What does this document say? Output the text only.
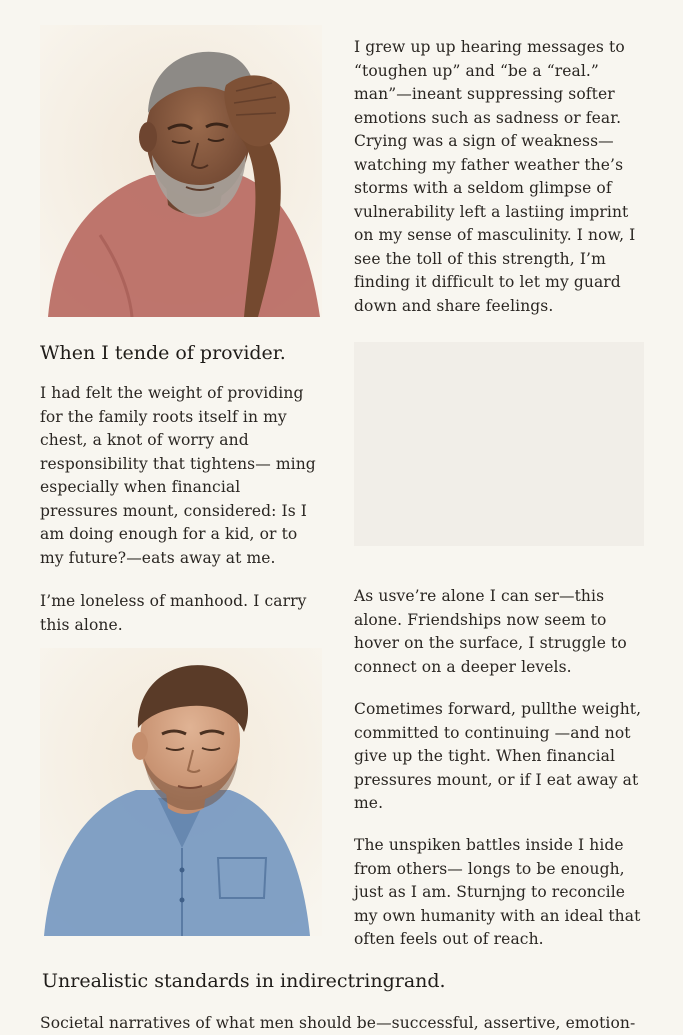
I grew up up hearing messages to “toughen up” and “be a “real.” man”—ineant suppressing softer emotions such as sadness or fear. Crying was a sign of weakness—watching my father weather the’s storms with a seldom glimpse of vulnerability left a lastiing imprint on my sense of masculinity. I now, I see the toll of this strength, I’m finding it difficult to let my guard down and share feelings.

When I tende of provider.

I had felt the weight of providing for the family roots itself in my chest, a knot of worry and responsibility that tightens— ming especially when financial pressures mount, considered: Is I am doing enough for a kid, or to my future?—eats away at me.

I’me loneless of manhood. I carry this alone.

As usve’re alone I can ser—this alone. Friendships now seem to hover on the surface, I struggle to connect on a deeper levels.

Cometimes forward, pullthe weight, committed to continuing —and not give up the tight. When financial pressures mount, or if I eat away at me.

The unspiken battles inside I hide from others— longs to be enough, just as I am. Sturnjng to reconcile my own humanity with an ideal that often feels out of reach.

Unrealistic standards in indirectringrand.
Societal narratives of what men should be—successful, assertive, emotion-
